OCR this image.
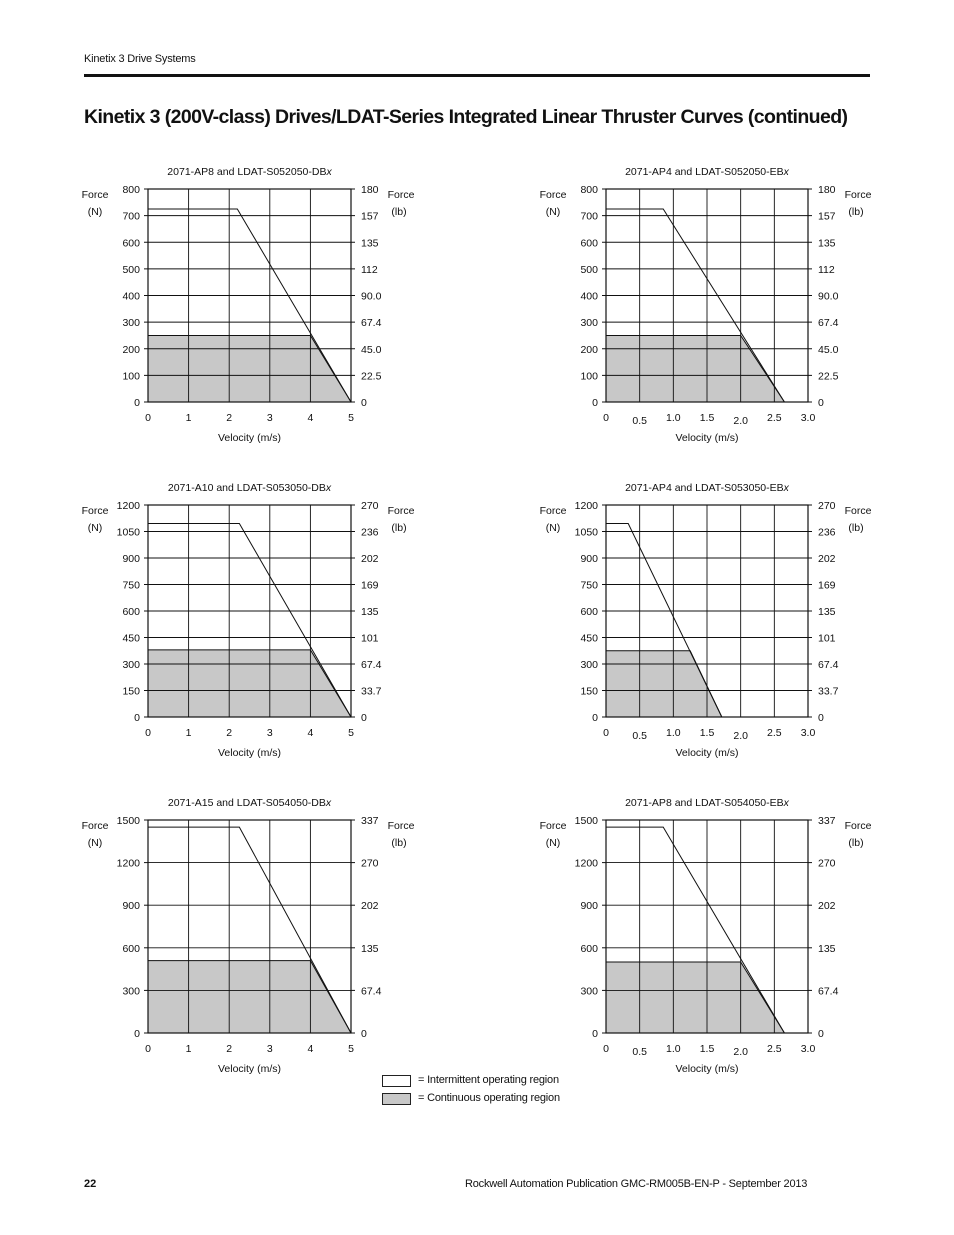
Kinetix 3 Drive Systems
Kinetix 3 (200V-class) Drives/LDAT-Series Integrated Linear Thruster Curves (continued)
2071-AP8 and LDAT-S052050-DBx
0
100
200
300
400
500
600
700
800
0
22.5
45.0
67.4
90.0
112
135
157
180
0	1	2	3	4	5
Force
(N)
Force
(lb)
Velocity (m/s)
2071-AP4 and LDAT-S052050-EBx
0
100
200
300
400
500
600
700
800
0
22.5
45.0
67.4
90.0
112
135
157
180
0 0.5 1.0 1.5 2.0 2.5 3.0
Force
(N)
Force
(lb)
Velocity (m/s)
2071-A10 and LDAT-S053050-DBx
0
150
300
450
600
750
900
1050
1200
0
33.7
67.4
101
135
169
202
236
270
0	1	2	3	4	5
Force
(N)
Force
(lb)
Velocity (m/s)
2071-AP4 and LDAT-S053050-EBx
0
150
300
450
600
750
900
1050
1200
0
33.7
67.4
101
135
169
202
236
270
0 0.5 1.0 1.5 2.0 2.5 3.0
Force
(N)
Force
(lb)
Velocity (m/s)
2071-A15 and LDAT-S054050-DBx
0
300
600
900
1200
1500
0
67.4
135
202
270
337
0	1	2	3	4	5
Force
(N)
Force
(lb)
Velocity (m/s)
2071-AP8 and LDAT-S054050-EBx
0
300
600
900
1200
1500
0
67.4
135
202
270
337
0 0.5 1.0 1.5 2.0 2.5 3.0
Force
(N)
Force
(lb)
Velocity (m/s)
= Intermittent operating region
= Continuous operating region
22	Rockwell Automation Publication GMC-RM005B-EN-P - September 2013
